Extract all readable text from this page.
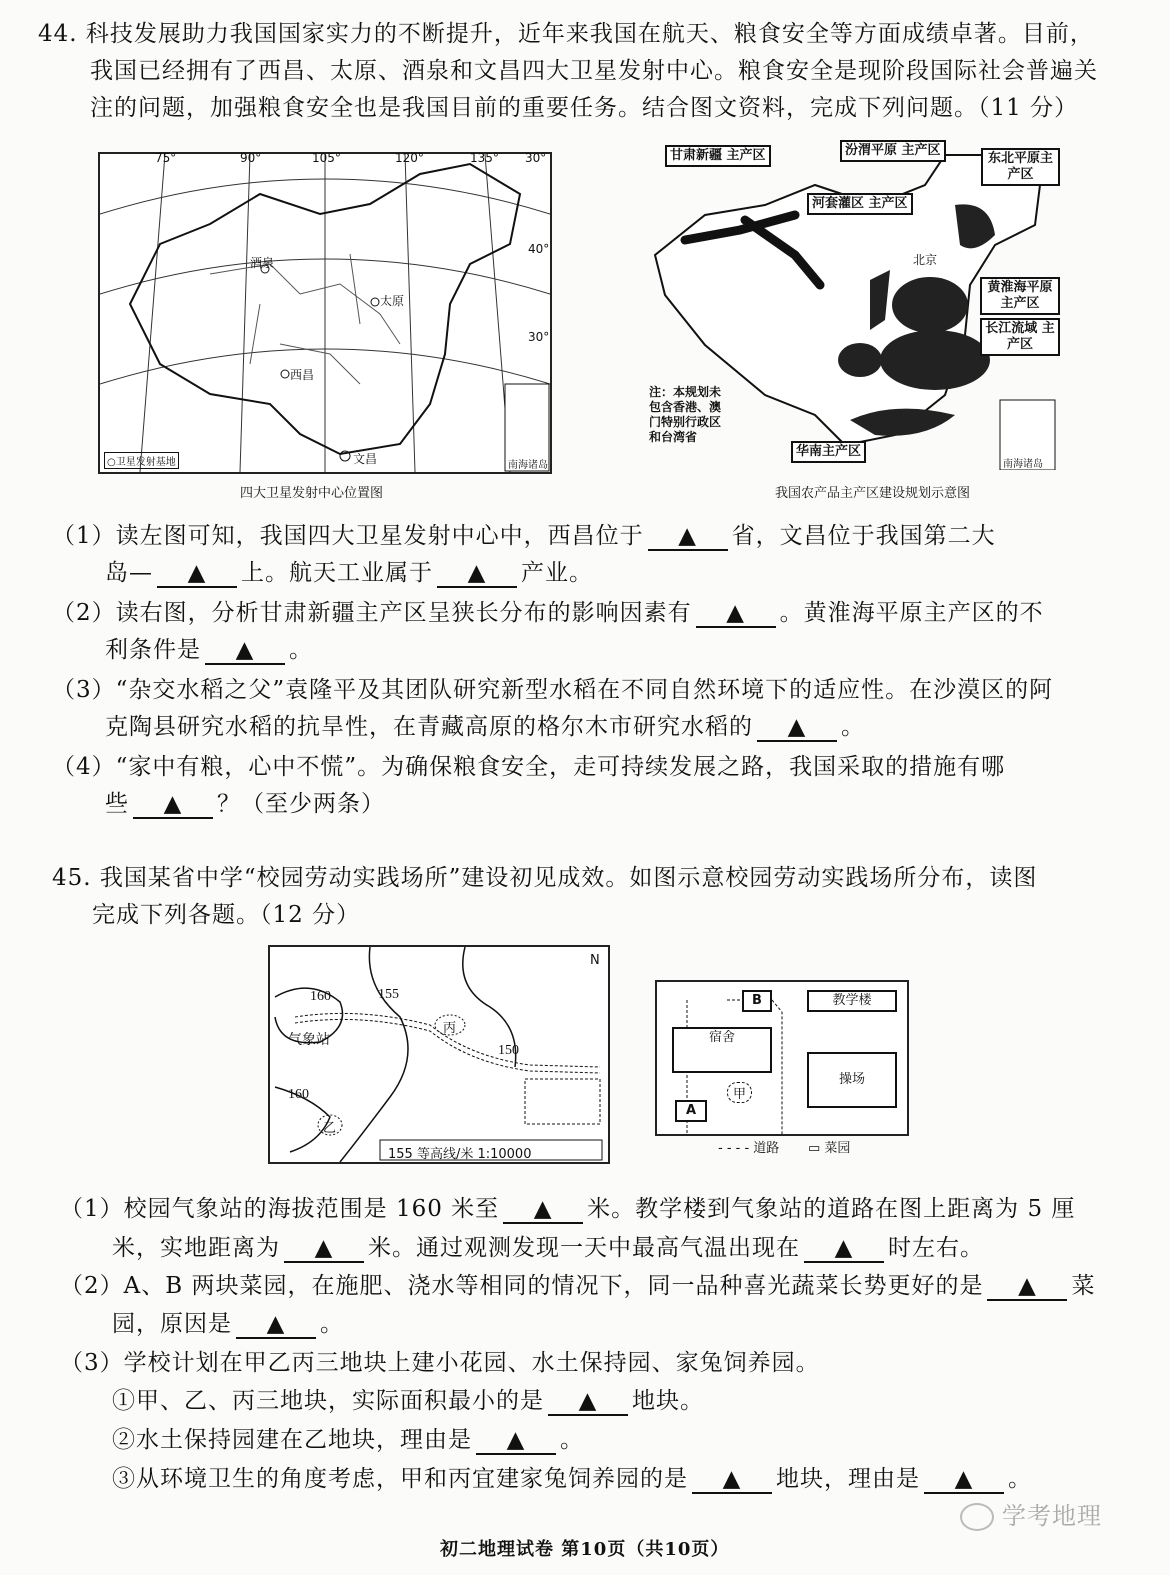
44. 科技发展助力我国国家实力的不断提升，近年来我国在航天、粮食安全等方面成绩卓著。目前，
我国已经拥有了西昌、太原、酒泉和文昌四大卫星发射中心。粮食安全是现阶段国际社会普遍关
注的问题，加强粮食安全也是我国目前的重要任务。结合图文资料，完成下列问题。（11 分）
75°	90°	105°	120°	135° 30°
40°
30°
酒泉
太原
西昌
文昌
○卫星发射基地	南海诸岛
四大卫星发射中心位置图
甘肃新疆 主产区	汾渭平原 主产区
东北平原主产区
河套灌区 主产区
北京
黄淮海平原 主产区
长江流域 主产区
注：本规划未
包含香港、澳
门特别行政区
和台湾省
华南主产区
南海诸岛
我国农产品主产区建设规划示意图
（1）读左图可知，我国四大卫星发射中心中，西昌位于 ▲ 省，文昌位于我国第二大
岛— ▲ 上。航天工业属于 ▲ 产业。
（2）读右图，分析甘肃新疆主产区呈狭长分布的影响因素有 ▲ 。黄淮海平原主产区的不
利条件是 ▲ 。
（3）“杂交水稻之父”袁隆平及其团队研究新型水稻在不同自然环境下的适应性。在沙漠区的阿
克陶县研究水稻的抗旱性，在青藏高原的格尔木市研究水稻的 ▲ 。
（4）“家中有粮，心中不慌”。为确保粮食安全，走可持续发展之路，我国采取的措施有哪
些 ▲ ？（至少两条）
45. 我国某省中学“校园劳动实践场所”建设初见成效。如图示意校园劳动实践场所分布，读图
完成下列各题。（12 分）
160	155
150
160
气象站
丙
乙
N
155 等高线/米 1:10000
教学楼
B
宿舍
甲
A
操场
- - - - 道路 ▭ 菜园
（1）校园气象站的海拔范围是 160 米至 ▲ 米。教学楼到气象站的道路在图上距离为 5 厘
米，实地距离为 ▲ 米。通过观测发现一天中最高气温出现在 ▲ 时左右。
（2）A、B 两块菜园，在施肥、浇水等相同的情况下，同一品种喜光蔬菜长势更好的是 ▲ 菜
园，原因是 ▲ 。
（3）学校计划在甲乙丙三地块上建小花园、水土保持园、家兔饲养园。
①甲、乙、丙三地块，实际面积最小的是 ▲ 地块。
②水土保持园建在乙地块，理由是 ▲ 。
③从环境卫生的角度考虑，甲和丙宜建家兔饲养园的是 ▲ 地块，理由是 ▲ 。
初二地理试卷 第10页（共10页）
学考地理
